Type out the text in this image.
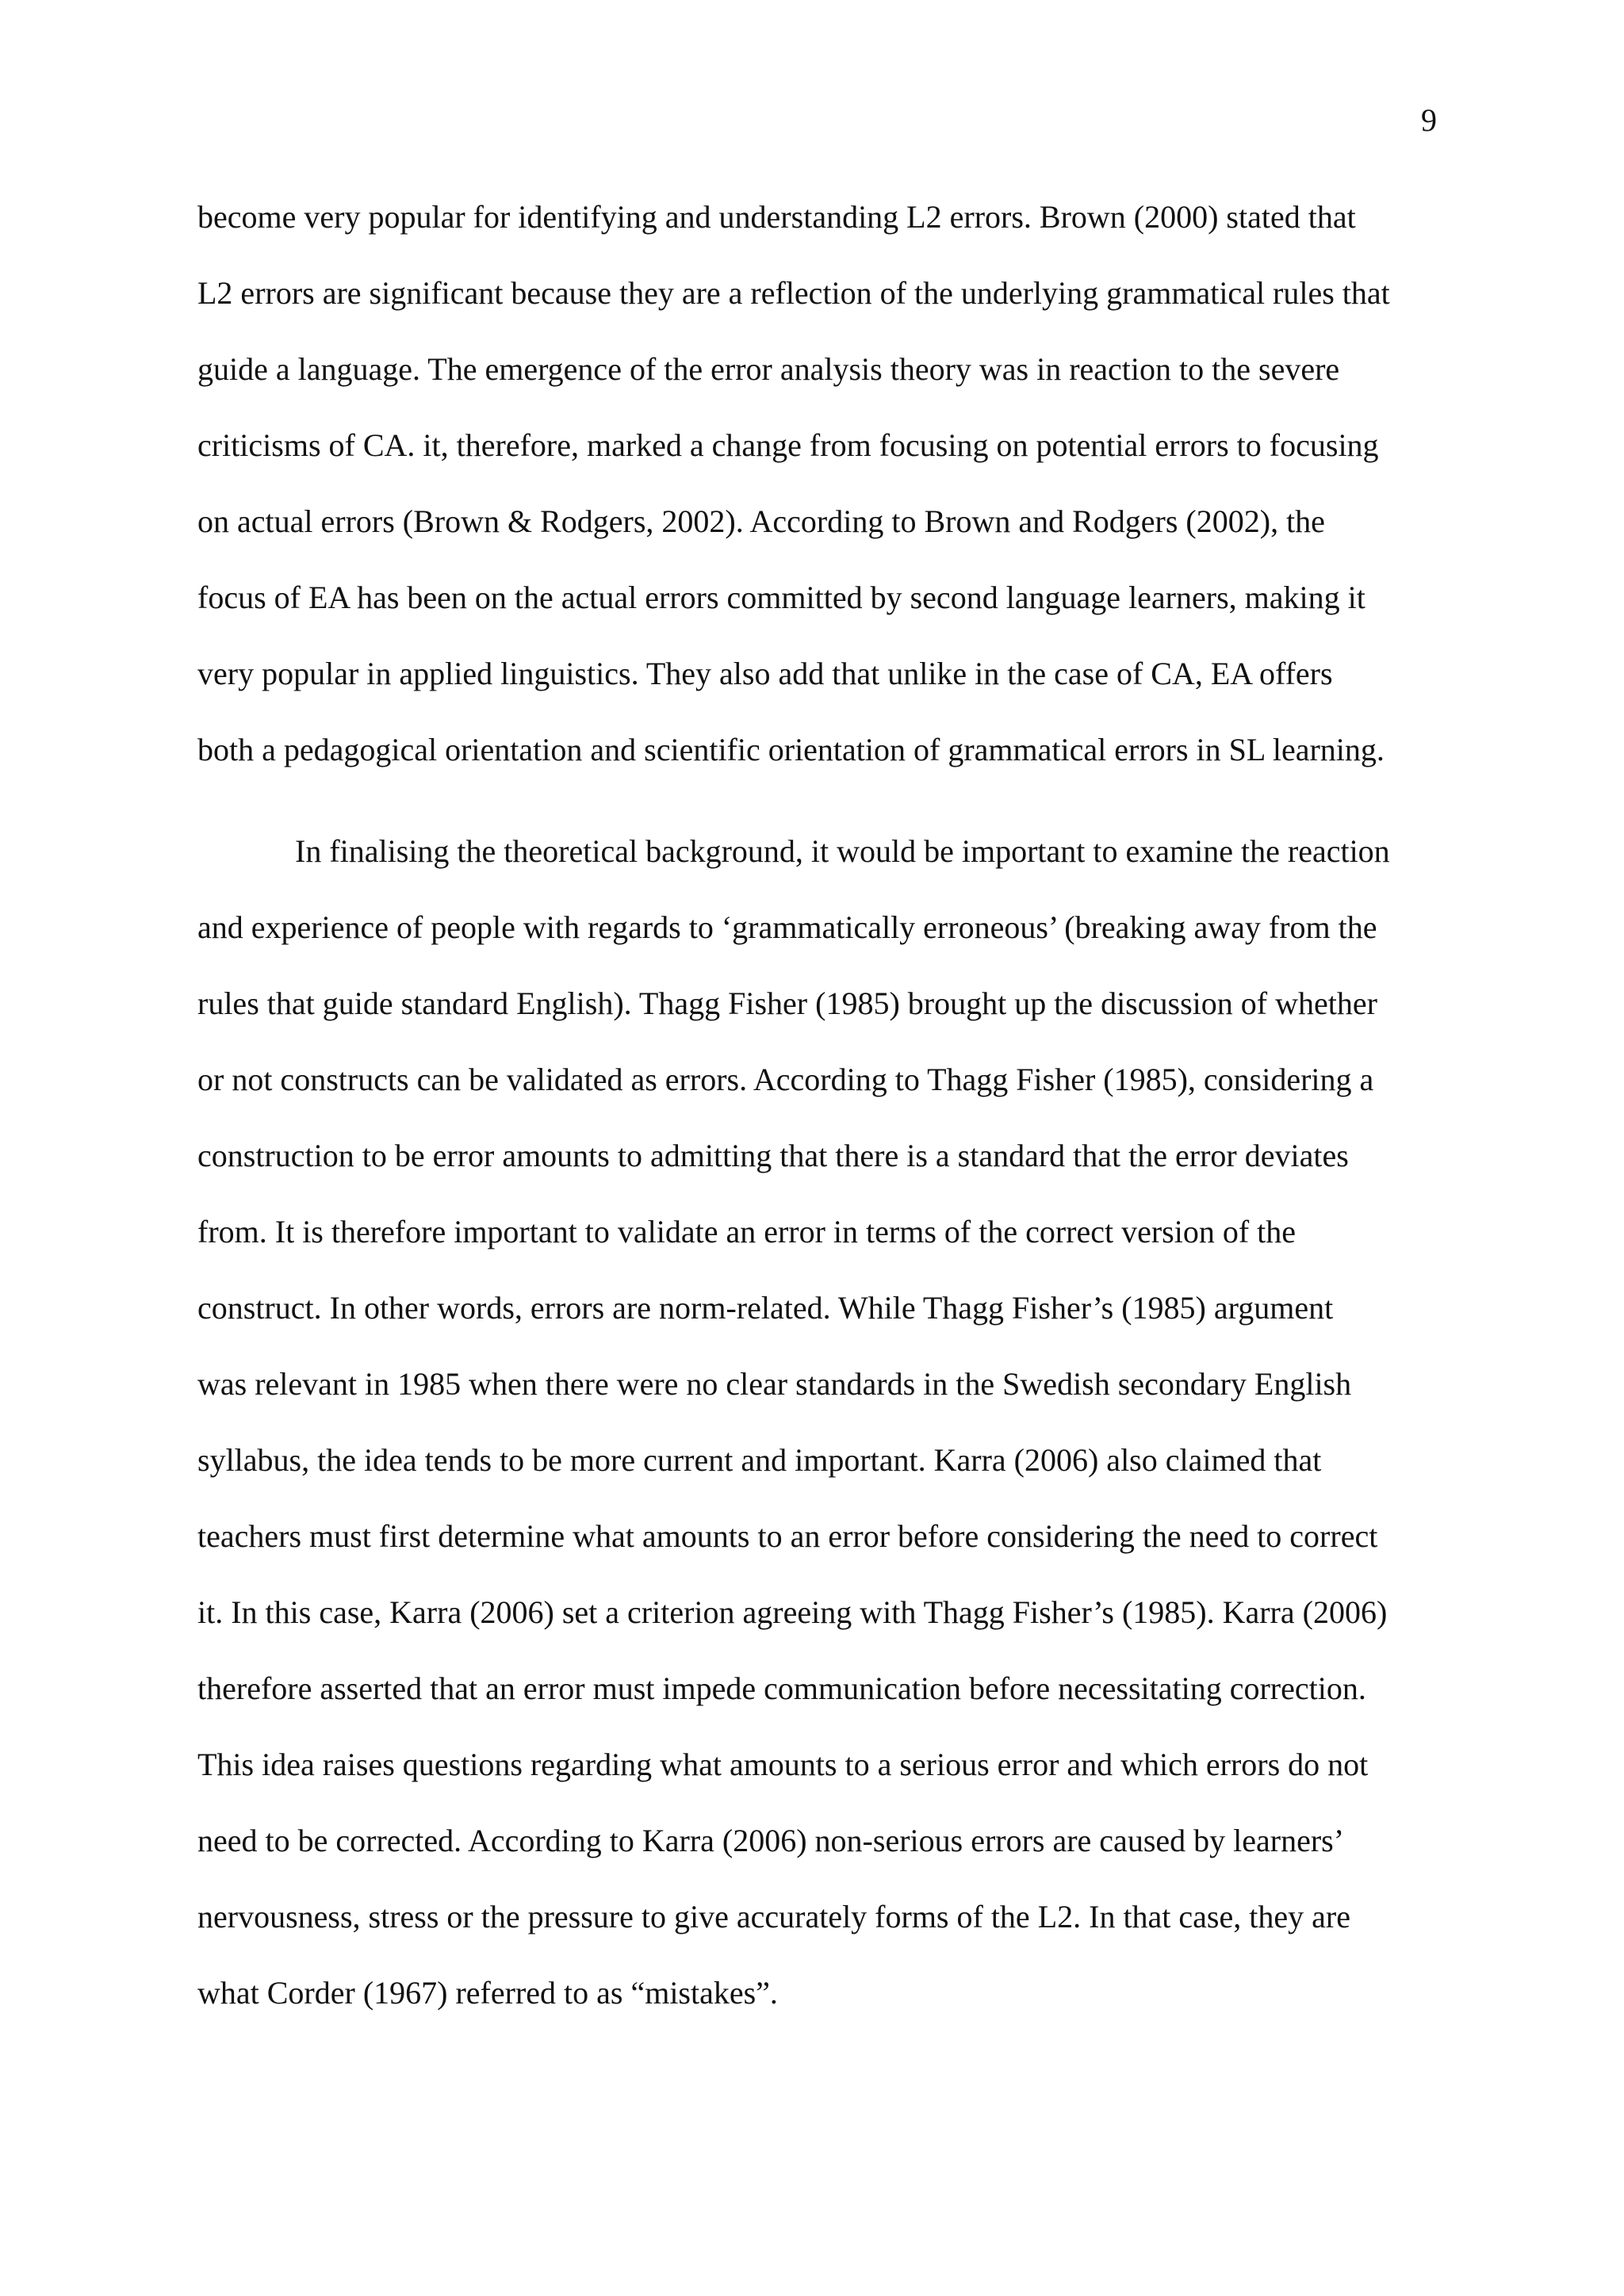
9

become very popular for identifying and understanding L2 errors. Brown (2000) stated that

L2 errors are significant because they are a reflection of the underlying grammatical rules that

guide a language. The emergence of the error analysis theory was in reaction to the severe

criticisms of CA. it, therefore, marked a change from focusing on potential errors to focusing

on actual errors (Brown & Rodgers, 2002). According to Brown and Rodgers (2002), the

focus of EA has been on the actual errors committed by second language learners, making it

very popular in applied linguistics. They also add that unlike in the case of CA, EA offers

both a pedagogical orientation and scientific orientation of grammatical errors in SL learning.

In finalising the theoretical background, it would be important to examine the reaction

and experience of people with regards to ‘grammatically erroneous’ (breaking away from the

rules that guide standard English). Thagg Fisher (1985) brought up the discussion of whether

or not constructs can be validated as errors. According to Thagg Fisher (1985), considering a

construction to be error amounts to admitting that there is a standard that the error deviates

from. It is therefore important to validate an error in terms of the correct version of the

construct. In other words, errors are norm-related. While Thagg Fisher’s (1985) argument

was relevant in 1985 when there were no clear standards in the Swedish secondary English

syllabus, the idea tends to be more current and important. Karra (2006) also claimed that

teachers must first determine what amounts to an error before considering the need to correct

it. In this case, Karra (2006) set a criterion agreeing with Thagg Fisher’s (1985). Karra (2006)

therefore asserted that an error must impede communication before necessitating correction.

This idea raises questions regarding what amounts to a serious error and which errors do not

need to be corrected. According to Karra (2006) non-serious errors are caused by learners’

nervousness, stress or the pressure to give accurately forms of the L2. In that case, they are

what Corder (1967) referred to as “mistakes”.
